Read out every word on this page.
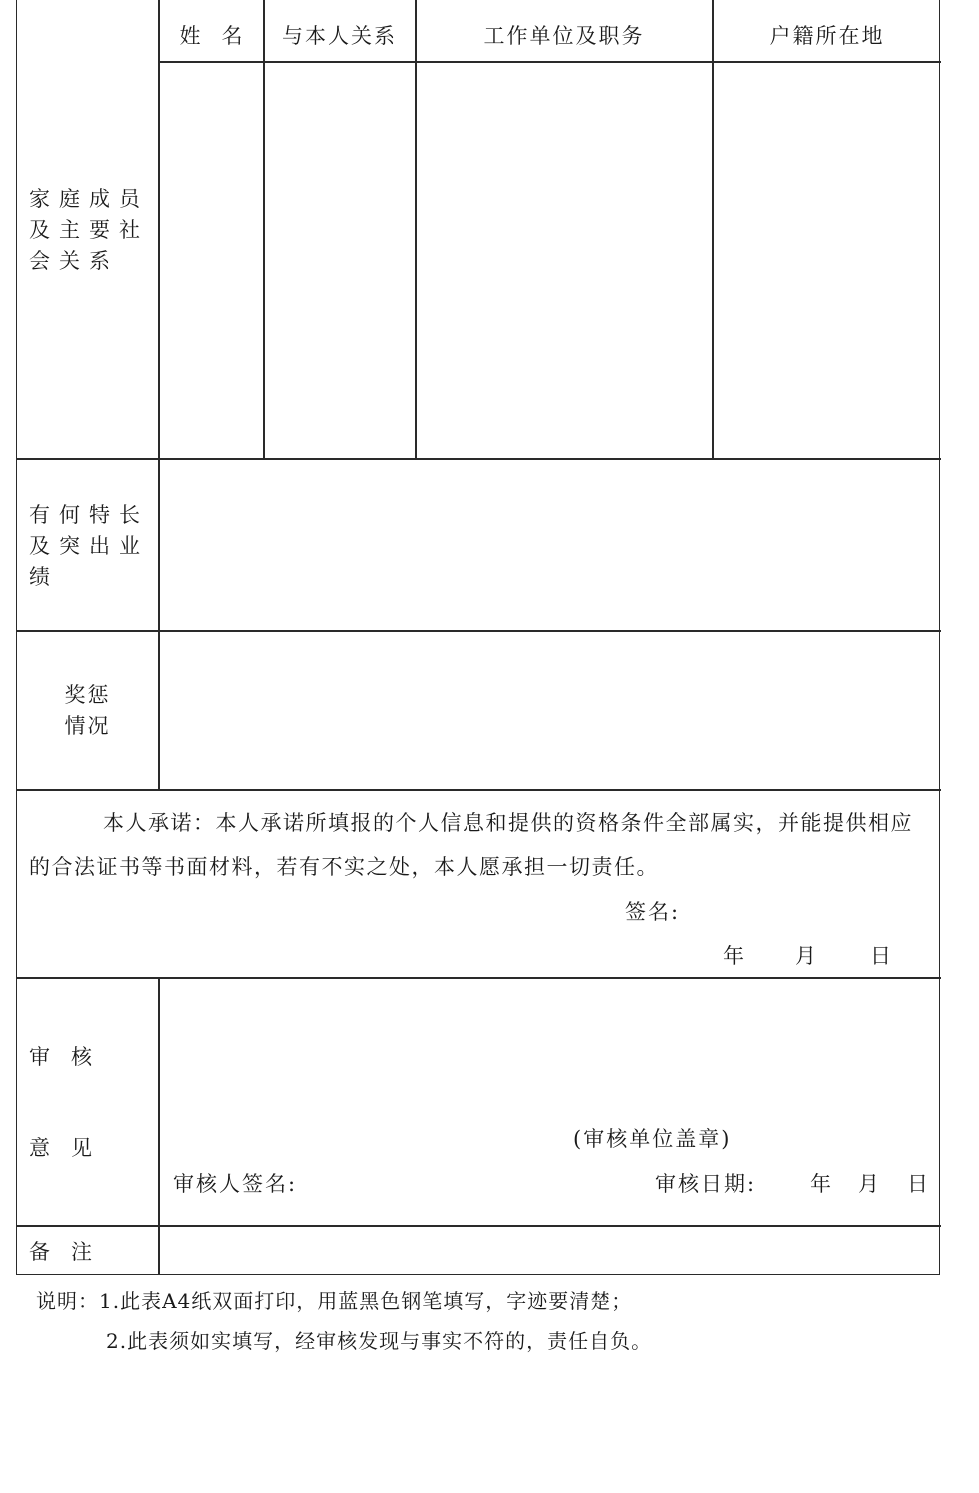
家庭成员及主要社会关系
姓　名	与本人关系	工作单位及职务	户籍所在地
有何特长及突出业绩
奖惩
情况
本人承诺：本人承诺所填报的个人信息和提供的资格条件全部属实，并能提供相应的合法证书等书面材料，若有不实之处，本人愿承担一切责任。
签名:
年 月	日
审　核
意　见	(审核单位盖章)
审核人签名:	审核日期:	年 月 日
备　注
说明：1.此表A4纸双面打印，用蓝黑色钢笔填写，字迹要清楚；
2.此表须如实填写，经审核发现与事实不符的，责任自负。
